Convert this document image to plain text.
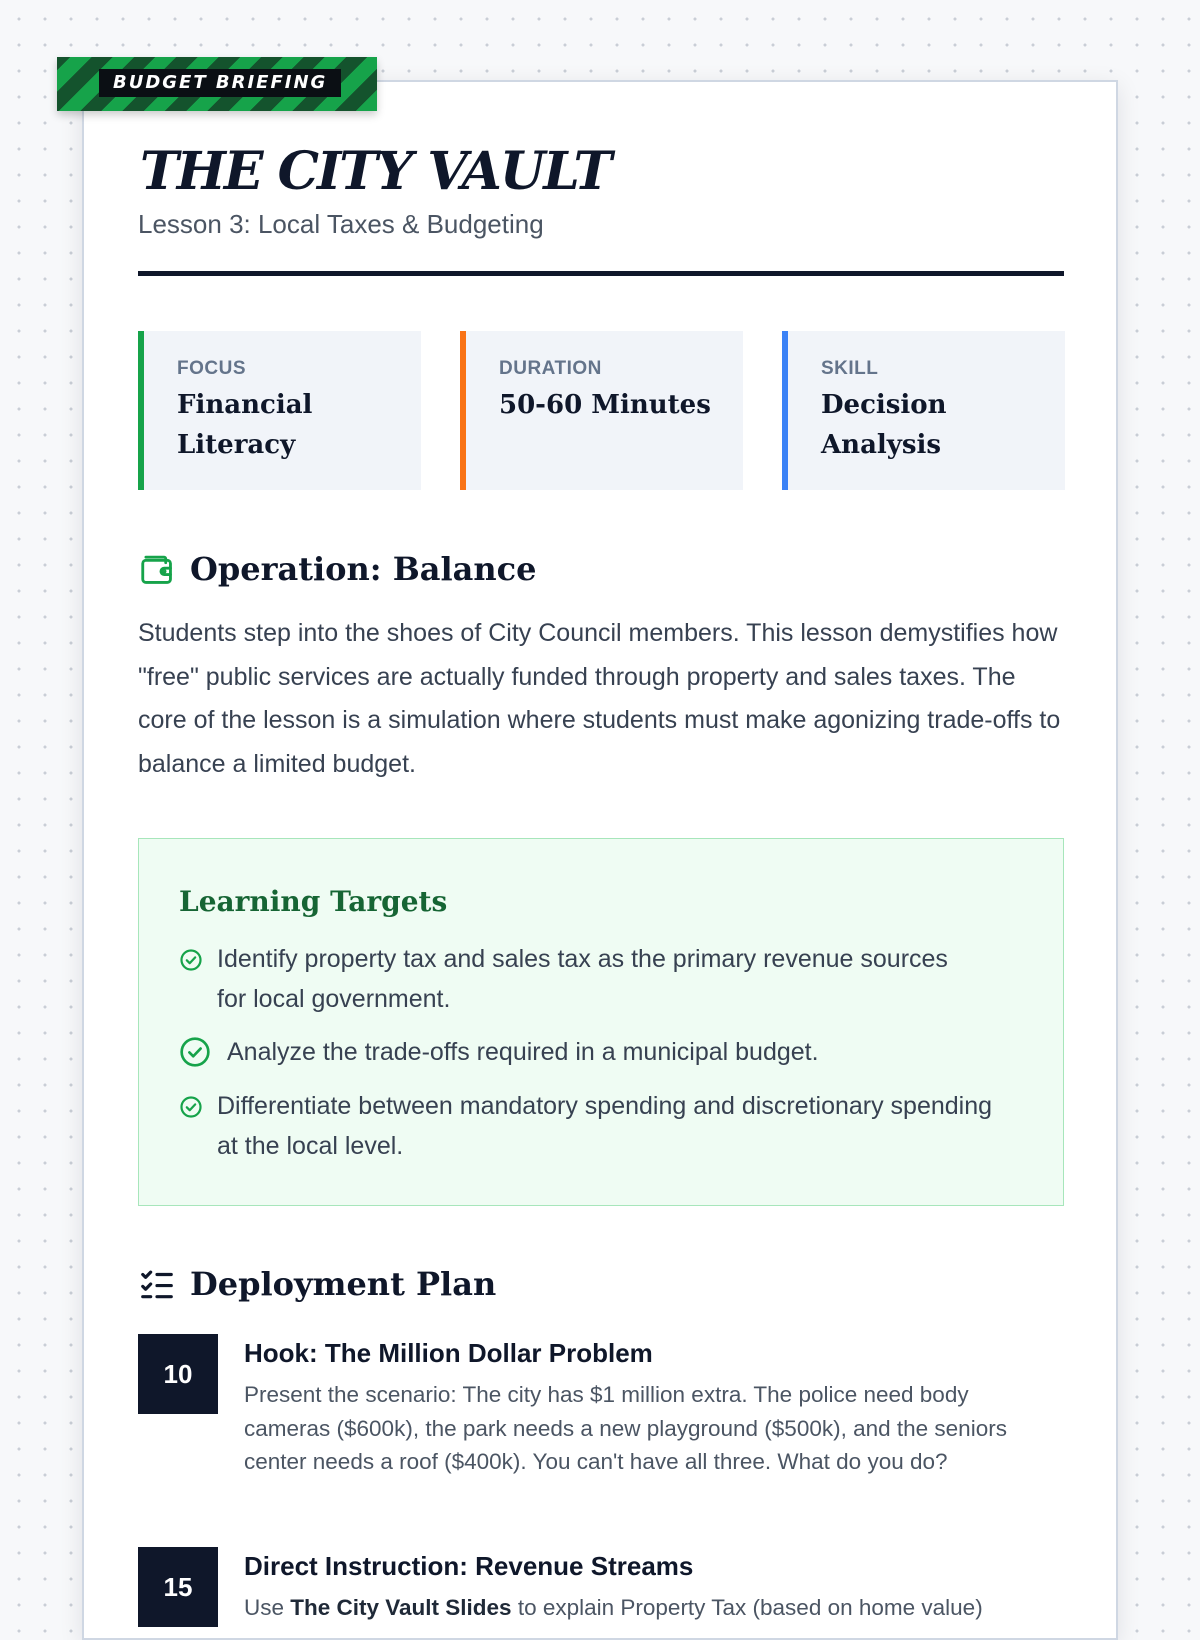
BUDGET BRIEFING
THE CITY VAULT
Lesson 3: Local Taxes & Budgeting
FOCUS
Financial Literacy
DURATION
50-60 Minutes
SKILL
Decision Analysis
Operation: Balance

Students step into the shoes of City Council members. This lesson demystifies how "free" public services are actually funded through property and sales taxes. The core of the lesson is a simulation where students must make agonizing trade-offs to balance a limited budget.

Learning Targets
Identify property tax and sales tax as the primary revenue sources for local government.
Analyze the trade-offs required in a municipal budget.
Differentiate between mandatory spending and discretionary spending at the local level.
Deployment Plan
10
Hook: The Million Dollar Problem

Present the scenario: The city has $1 million extra. The police need body cameras ($600k), the park needs a new playground ($500k), and the seniors center needs a roof ($400k). You can't have all three. What do you do?

15
Direct Instruction: Revenue Streams

Use The City Vault Slides to explain Property Tax (based on home value)
